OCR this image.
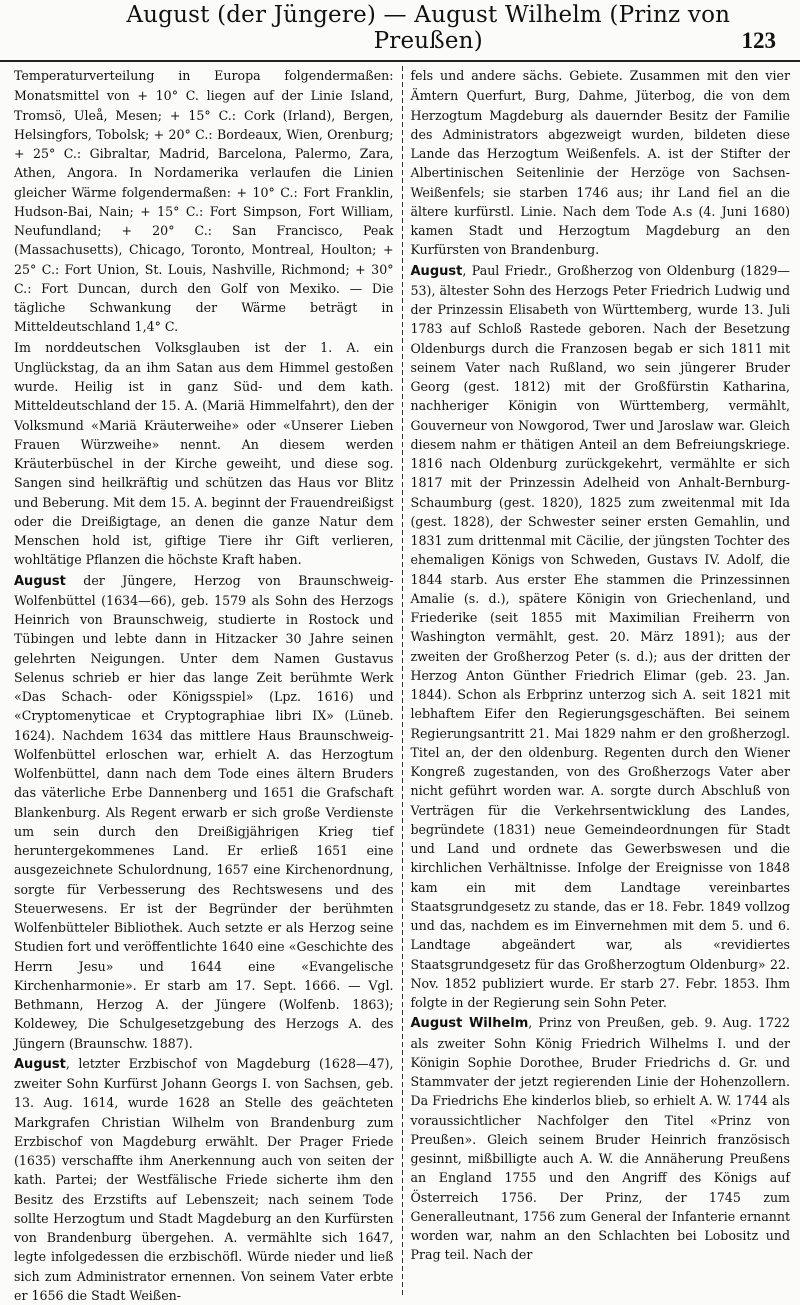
August (der Jüngere) — August Wilhelm (Prinz von Preußen)	123

Temperaturverteilung in Europa folgendermaßen: Monatsmittel von + 10° C. liegen auf der Linie Island, Tromsö, Uleå, Mesen; + 15° C.: Cork (Irland), Bergen, Helsingfors, Tobolsk; + 20° C.: Bordeaux, Wien, Orenburg; + 25° C.: Gibraltar, Madrid, Barcelona, Palermo, Zara, Athen, Angora. In Nordamerika verlaufen die Linien gleicher Wärme folgendermaßen: + 10° C.: Fort Franklin, Hudson-Bai, Nain; + 15° C.: Fort Simpson, Fort William, Neufundland; + 20° C.: San Francisco, Peak (Massachusetts), Chicago, Toronto, Montreal, Houlton; + 25° C.: Fort Union, St. Louis, Nashville, Richmond; + 30° C.: Fort Duncan, durch den Golf von Mexiko. — Die tägliche Schwankung der Wärme beträgt in Mitteldeutschland 1,4° C.

Im norddeutschen Volksglauben ist der 1. A. ein Unglückstag, da an ihm Satan aus dem Himmel gestoßen wurde. Heilig ist in ganz Süd- und dem kath. Mitteldeutschland der 15. A. (Mariä Himmelfahrt), den der Volksmund «Mariä Kräuterweihe» oder «Unserer Lieben Frauen Würzweihe» nennt. An diesem werden Kräuterbüschel in der Kirche geweiht, und diese sog. Sangen sind heilkräftig und schützen das Haus vor Blitz und Beberung. Mit dem 15. A. beginnt der Frauendreißigst oder die Dreißigtage, an denen die ganze Natur dem Menschen hold ist, giftige Tiere ihr Gift verlieren, wohltätige Pflanzen die höchste Kraft haben.

August der Jüngere, Herzog von Braunschweig-Wolfenbüttel (1634—66), geb. 1579 als Sohn des Herzogs Heinrich von Braunschweig, studierte in Rostock und Tübingen und lebte dann in Hitzacker 30 Jahre seinen gelehrten Neigungen. Unter dem Namen Gustavus Selenus schrieb er hier das lange Zeit berühmte Werk «Das Schach- oder Königsspiel» (Lpz. 1616) und «Cryptomenyticae et Cryptographiae libri IX» (Lüneb. 1624). Nachdem 1634 das mittlere Haus Braunschweig-Wolfenbüttel erloschen war, erhielt A. das Herzogtum Wolfenbüttel, dann nach dem Tode eines ältern Bruders das väterliche Erbe Dannenberg und 1651 die Grafschaft Blankenburg. Als Regent erwarb er sich große Verdienste um sein durch den Dreißigjährigen Krieg tief heruntergekommenes Land. Er erließ 1651 eine ausgezeichnete Schulordnung, 1657 eine Kirchenordnung, sorgte für Verbesserung des Rechtswesens und des Steuerwesens. Er ist der Begründer der berühmten Wolfenbütteler Bibliothek. Auch setzte er als Herzog seine Studien fort und veröffentlichte 1640 eine «Geschichte des Herrn Jesu» und 1644 eine «Evangelische Kirchenharmonie». Er starb am 17. Sept. 1666. — Vgl. Bethmann, Herzog A. der Jüngere (Wolfenb. 1863); Koldewey, Die Schulgesetzgebung des Herzogs A. des Jüngern (Braunschw. 1887).

August, letzter Erzbischof von Magdeburg (1628—47), zweiter Sohn Kurfürst Johann Georgs I. von Sachsen, geb. 13. Aug. 1614, wurde 1628 an Stelle des geächteten Markgrafen Christian Wilhelm von Brandenburg zum Erzbischof von Magdeburg erwählt. Der Prager Friede (1635) verschaffte ihm Anerkennung auch von seiten der kath. Partei; der Westfälische Friede sicherte ihm den Besitz des Erzstifts auf Lebenszeit; nach seinem Tode sollte Herzogtum und Stadt Magdeburg an den Kurfürsten von Brandenburg übergehen. A. vermählte sich 1647, legte infolgedessen die erzbischöfl. Würde nieder und ließ sich zum Administrator ernennen. Von seinem Vater erbte er 1656 die Stadt Weißen-

fels und andere sächs. Gebiete. Zusammen mit den vier Ämtern Querfurt, Burg, Dahme, Jüterbog, die von dem Herzogtum Magdeburg als dauernder Besitz der Familie des Administrators abgezweigt wurden, bildeten diese Lande das Herzogtum Weißenfels. A. ist der Stifter der Albertinischen Seitenlinie der Herzöge von Sachsen-Weißenfels; sie starben 1746 aus; ihr Land fiel an die ältere kurfürstl. Linie. Nach dem Tode A.s (4. Juni 1680) kamen Stadt und Herzogtum Magdeburg an den Kurfürsten von Brandenburg.

August, Paul Friedr., Großherzog von Oldenburg (1829—53), ältester Sohn des Herzogs Peter Friedrich Ludwig und der Prinzessin Elisabeth von Württemberg, wurde 13. Juli 1783 auf Schloß Rastede geboren. Nach der Besetzung Oldenburgs durch die Franzosen begab er sich 1811 mit seinem Vater nach Rußland, wo sein jüngerer Bruder Georg (gest. 1812) mit der Großfürstin Katharina, nachheriger Königin von Württemberg, vermählt, Gouverneur von Nowgorod, Twer und Jaroslaw war. Gleich diesem nahm er thätigen Anteil an dem Befreiungskriege. 1816 nach Oldenburg zurückgekehrt, vermählte er sich 1817 mit der Prinzessin Adelheid von Anhalt-Bernburg-Schaumburg (gest. 1820), 1825 zum zweitenmal mit Ida (gest. 1828), der Schwester seiner ersten Gemahlin, und 1831 zum drittenmal mit Cäcilie, der jüngsten Tochter des ehemaligen Königs von Schweden, Gustavs IV. Adolf, die 1844 starb. Aus erster Ehe stammen die Prinzessinnen Amalie (s. d.), spätere Königin von Griechenland, und Friederike (seit 1855 mit Maximilian Freiherrn von Washington vermählt, gest. 20. März 1891); aus der zweiten der Großherzog Peter (s. d.); aus der dritten der Herzog Anton Günther Friedrich Elimar (geb. 23. Jan. 1844). Schon als Erbprinz unterzog sich A. seit 1821 mit lebhaftem Eifer den Regierungsgeschäften. Bei seinem Regierungsantritt 21. Mai 1829 nahm er den großherzogl. Titel an, der den oldenburg. Regenten durch den Wiener Kongreß zugestanden, von des Großherzogs Vater aber nicht geführt worden war. A. sorgte durch Abschluß von Verträgen für die Verkehrsentwicklung des Landes, begründete (1831) neue Gemeindeordnungen für Stadt und Land und ordnete das Gewerbswesen und die kirchlichen Verhältnisse. Infolge der Ereignisse von 1848 kam ein mit dem Landtage vereinbartes Staatsgrundgesetz zu stande, das er 18. Febr. 1849 vollzog und das, nachdem es im Einvernehmen mit dem 5. und 6. Landtage abgeändert war, als «revidiertes Staatsgrundgesetz für das Großherzogtum Oldenburg» 22. Nov. 1852 publiziert wurde. Er starb 27. Febr. 1853. Ihm folgte in der Regierung sein Sohn Peter.

August Wilhelm, Prinz von Preußen, geb. 9. Aug. 1722 als zweiter Sohn König Friedrich Wilhelms I. und der Königin Sophie Dorothee, Bruder Friedrichs d. Gr. und Stammvater der jetzt regierenden Linie der Hohenzollern. Da Friedrichs Ehe kinderlos blieb, so erhielt A. W. 1744 als voraussichtlicher Nachfolger den Titel «Prinz von Preußen». Gleich seinem Bruder Heinrich französisch gesinnt, mißbilligte auch A. W. die Annäherung Preußens an England 1755 und den Angriff des Königs auf Österreich 1756. Der Prinz, der 1745 zum Generalleutnant, 1756 zum General der Infanterie ernannt worden war, nahm an den Schlachten bei Lobositz und Prag teil. Nach der
